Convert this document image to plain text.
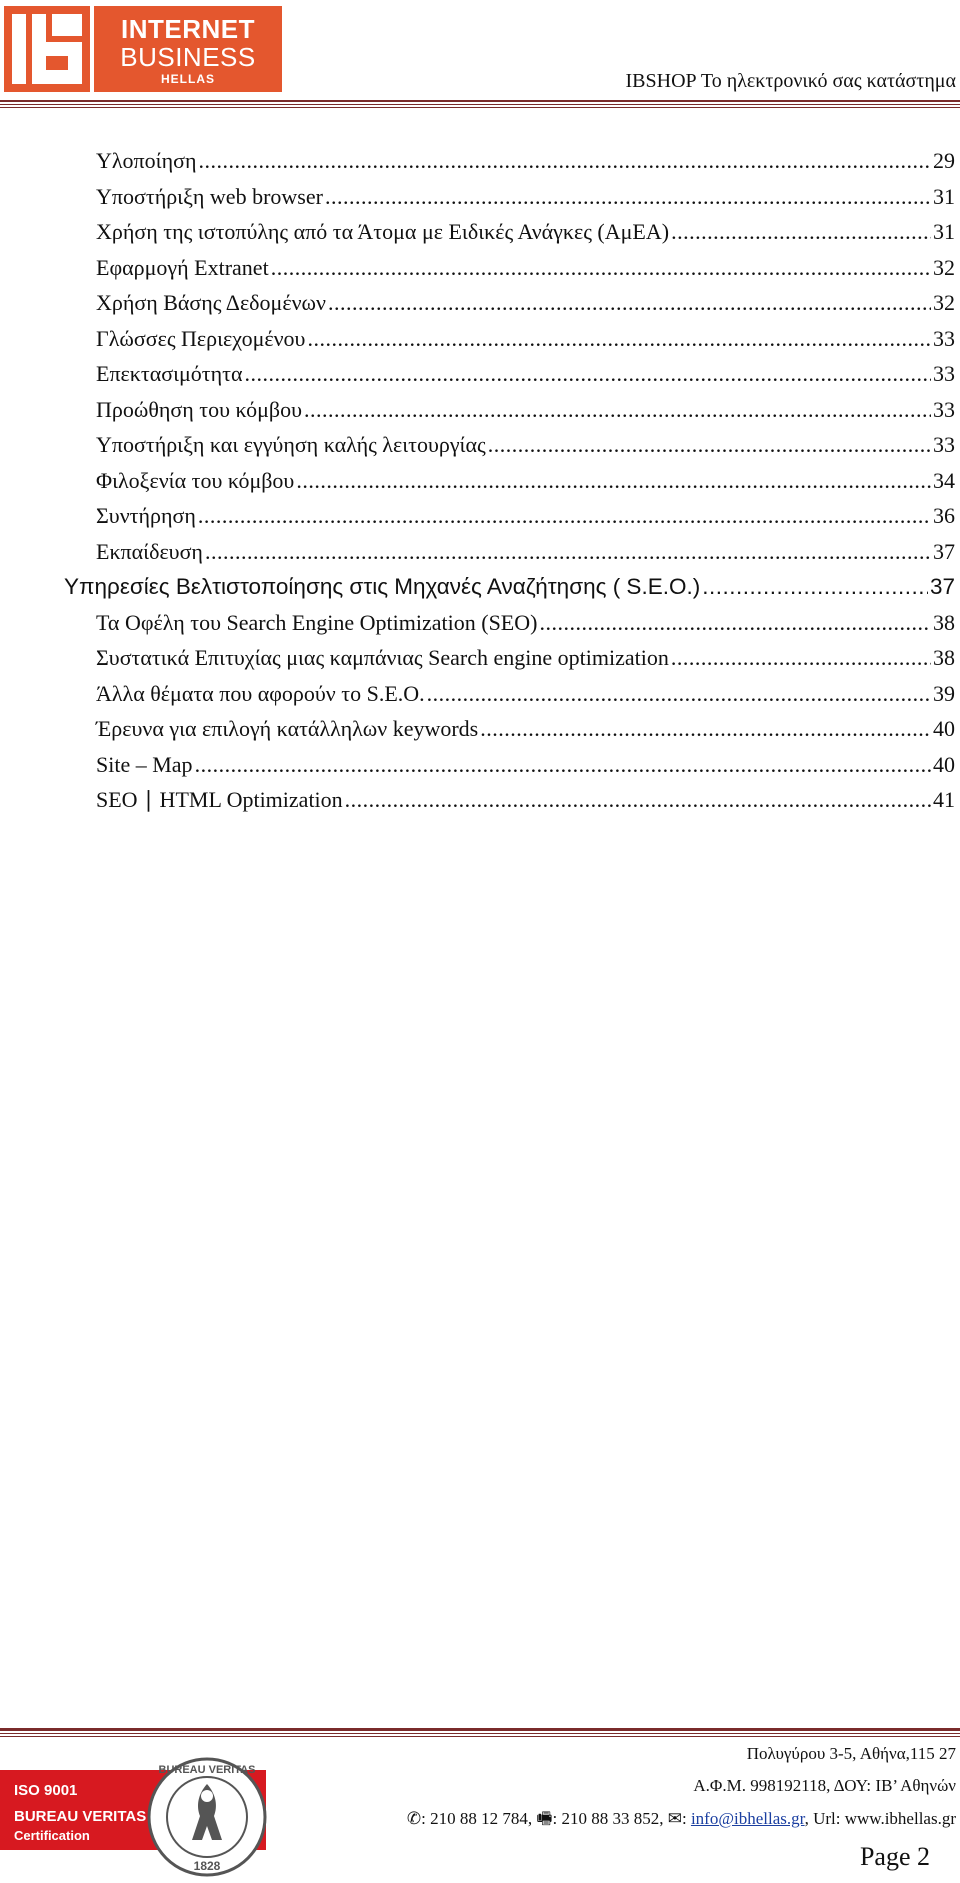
INTERNET
BUSINESS
HELLAS	IBSHOP Το ηλεκτρονικό σας κατάστημα
Υλοποίηση .....	29
Υποστήριξη web browser .....	31
Χρήση της ιστοπύλης από τα Άτομα με Ειδικές Ανάγκες (ΑμΕΑ) .....	31
Εφαρμογή Extranet .....	32
Χρήση Βάσης Δεδομένων .....	32
Γλώσσες Περιεχομένου .....	33
Επεκτασιμότητα .....	33
Προώθηση του κόμβου .....	33
Υποστήριξη και εγγύηση καλής λειτουργίας .....	33
Φιλοξενία του κόμβου .....	34
Συντήρηση .....	36
Εκπαίδευση .....	37
Υπηρεσίες Βελτιστοποίησης στις Μηχανές Αναζήτησης ( S.E.O.) .....	37
Τα Οφέλη του Search Engine Optimization (SEO) .....	38
Συστατικά Επιτυχίας μιας καμπάνιας Search engine optimization .....	38
Άλλα θέματα που αφορούν το S.E.O. .....	39
Έρευνα για επιλογή κατάλληλων keywords .....	40
Site – Map .....	40
SEO ∣ HTML Optimization .....	41
ISO 9001
BUREAU VERITAS
Certification
BUREAU VERITAS
1828
Πολυγύρου 3-5, Αθήνα,115 27
Α.Φ.Μ. 998192118, ΔΟΥ: ΙΒ’ Αθηνών
✆: 210 88 12 784, 🖷: 210 88 33 852, ✉: info@ibhellas.gr, Url: www.ibhellas.gr
Page 2
